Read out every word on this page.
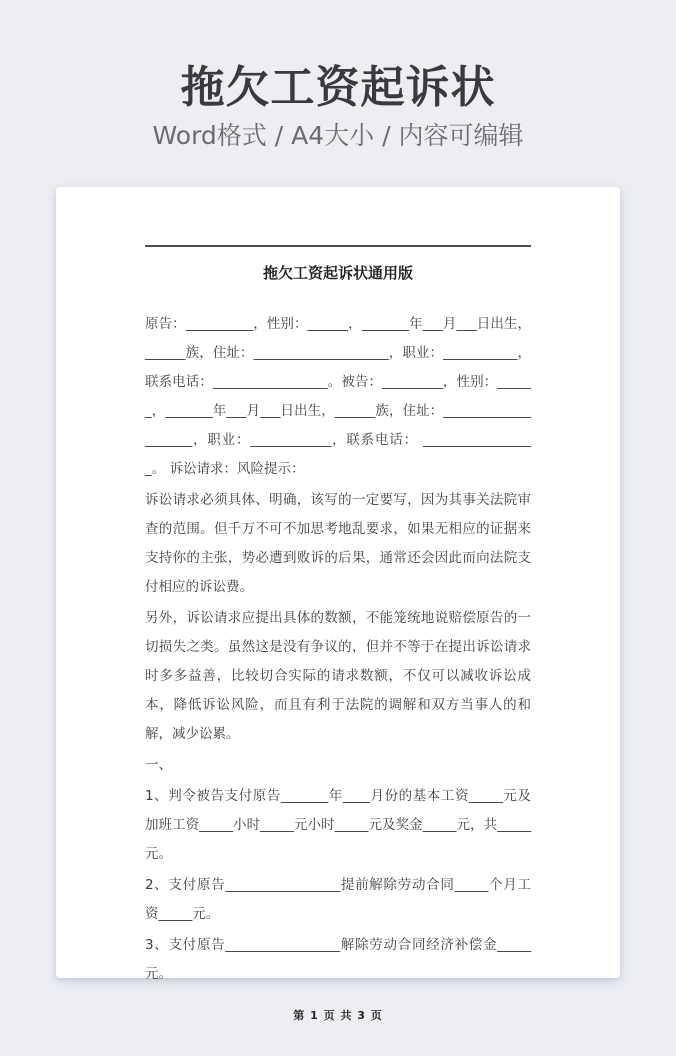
拖欠工资起诉状
Word格式 / A4大小 / 内容可编辑
拖欠工资起诉状通用版

原告：__________，性别：______，_______年___月___日出生，______族，住址：____________________，职业：___________，联系电话：_________________。被告：_________，性别：______，_______年___月___日出生，______族，住址：____________________，职业：____________，联系电话： _________________。 诉讼请求：风险提示：

诉讼请求必须具体、明确，该写的一定要写，因为其事关法院审查的范围。但千万不可不加思考地乱要求，如果无相应的证据来支持你的主张，势必遭到败诉的后果，通常还会因此而向法院支付相应的诉讼费。

另外，诉讼请求应提出具体的数额，不能笼统地说赔偿原告的一切损失之类。虽然这是没有争议的，但并不等于在提出诉讼请求时多多益善，比较切合实际的请求数额，不仅可以减收诉讼成本，降低诉讼风险，而且有利于法院的调解和双方当事人的和解，减少讼累。

一、

1、判令被告支付原告_______年____月份的基本工资_____元及加班工资_____小时_____元小时_____元及奖金_____元，共_____元。

2、支付原告_________________提前解除劳动合同_____个月工资_____元。

3、支付原告_________________解除劳动合同经济补偿金_____元。

第 1 页 共 3 页
